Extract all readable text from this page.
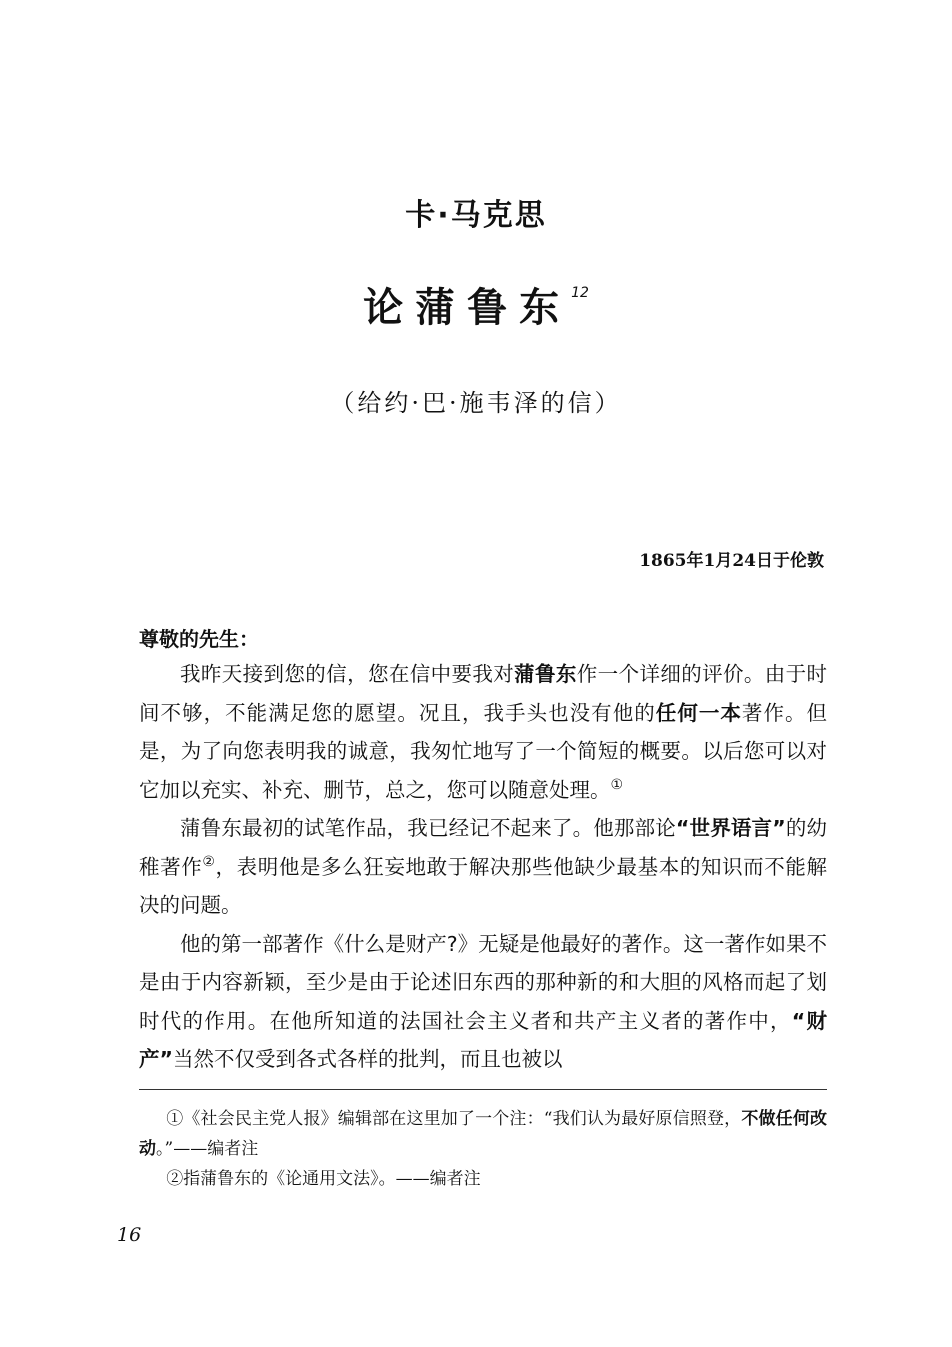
卡·马克思
论蒲鲁东$^{12}$
（给约·巴·施韦泽的信）
1865年1月24日于伦敦
尊敬的先生：

我昨天接到您的信，您在信中要我对蒲鲁东作一个详细的评价。由于时间不够，不能满足您的愿望。况且，我手头也没有他的任何一本著作。但是，为了向您表明我的诚意，我匆忙地写了一个简短的概要。以后您可以对它加以充实、补充、删节，总之，您可以随意处理。①

蒲鲁东最初的试笔作品，我已经记不起来了。他那部论“世界语言”的幼稚著作②，表明他是多么狂妄地敢于解决那些他缺少最基本的知识而不能解决的问题。

他的第一部著作《什么是财产?》无疑是他最好的著作。这一著作如果不是由于内容新颖，至少是由于论述旧东西的那种新的和大胆的风格而起了划时代的作用。在他所知道的法国社会主义者和共产主义者的著作中，“财产”当然不仅受到各式各样的批判，而且也被以

①《社会民主党人报》编辑部在这里加了一个注：“我们认为最好原信照登，不做任何改动。”——编者注

②指蒲鲁东的《论通用文法》。——编者注

16
